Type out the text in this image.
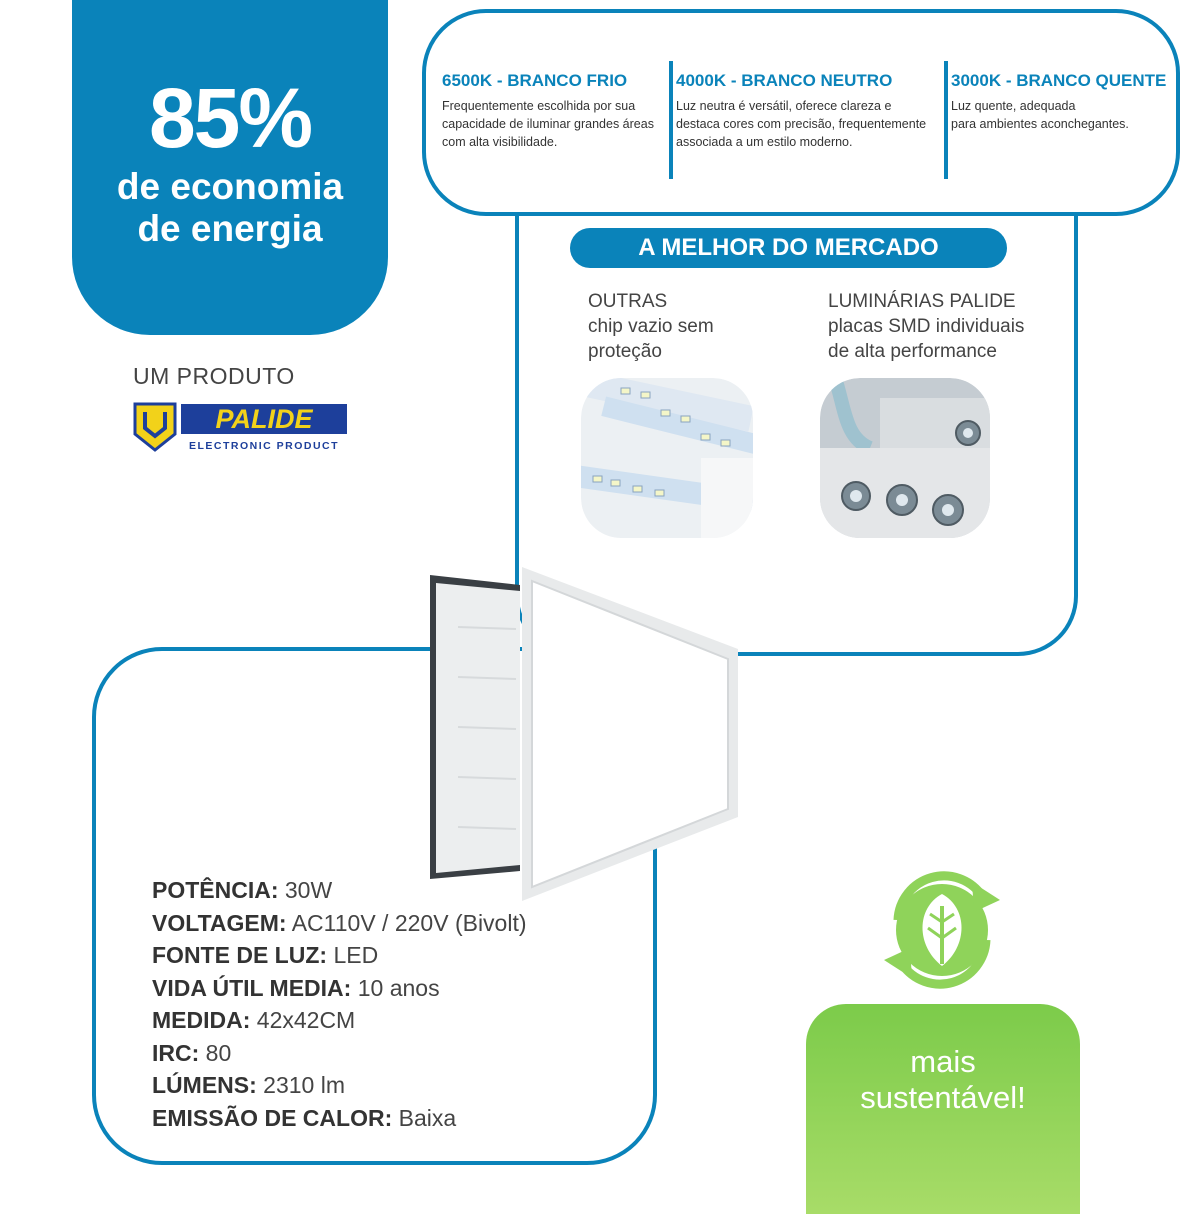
85%
de economia
de energia
UM PRODUTO
PALIDE
ELECTRONIC PRODUCT
6500K - BRANCO FRIO
Frequentemente escolhida por sua
capacidade de iluminar grandes áreas
com alta visibilidade.
4000K - BRANCO NEUTRO
Luz neutra é versátil, oferece clareza e
destaca cores com precisão, frequentemente
associada a um estilo moderno.
3000K - BRANCO QUENTE
Luz quente, adequada
para ambientes aconchegantes.
A MELHOR DO MERCADO
OUTRAS
chip vazio sem
proteção
LUMINÁRIAS PALIDE
placas SMD individuais
de alta performance
POTÊNCIA: 30W
VOLTAGEM: AC110V / 220V (Bivolt)
FONTE DE LUZ: LED
VIDA ÚTIL MEDIA: 10 anos
MEDIDA: 42x42CM
IRC: 80
LÚMENS: 2310 lm
EMISSÃO DE CALOR: Baixa
mais
sustentável!
